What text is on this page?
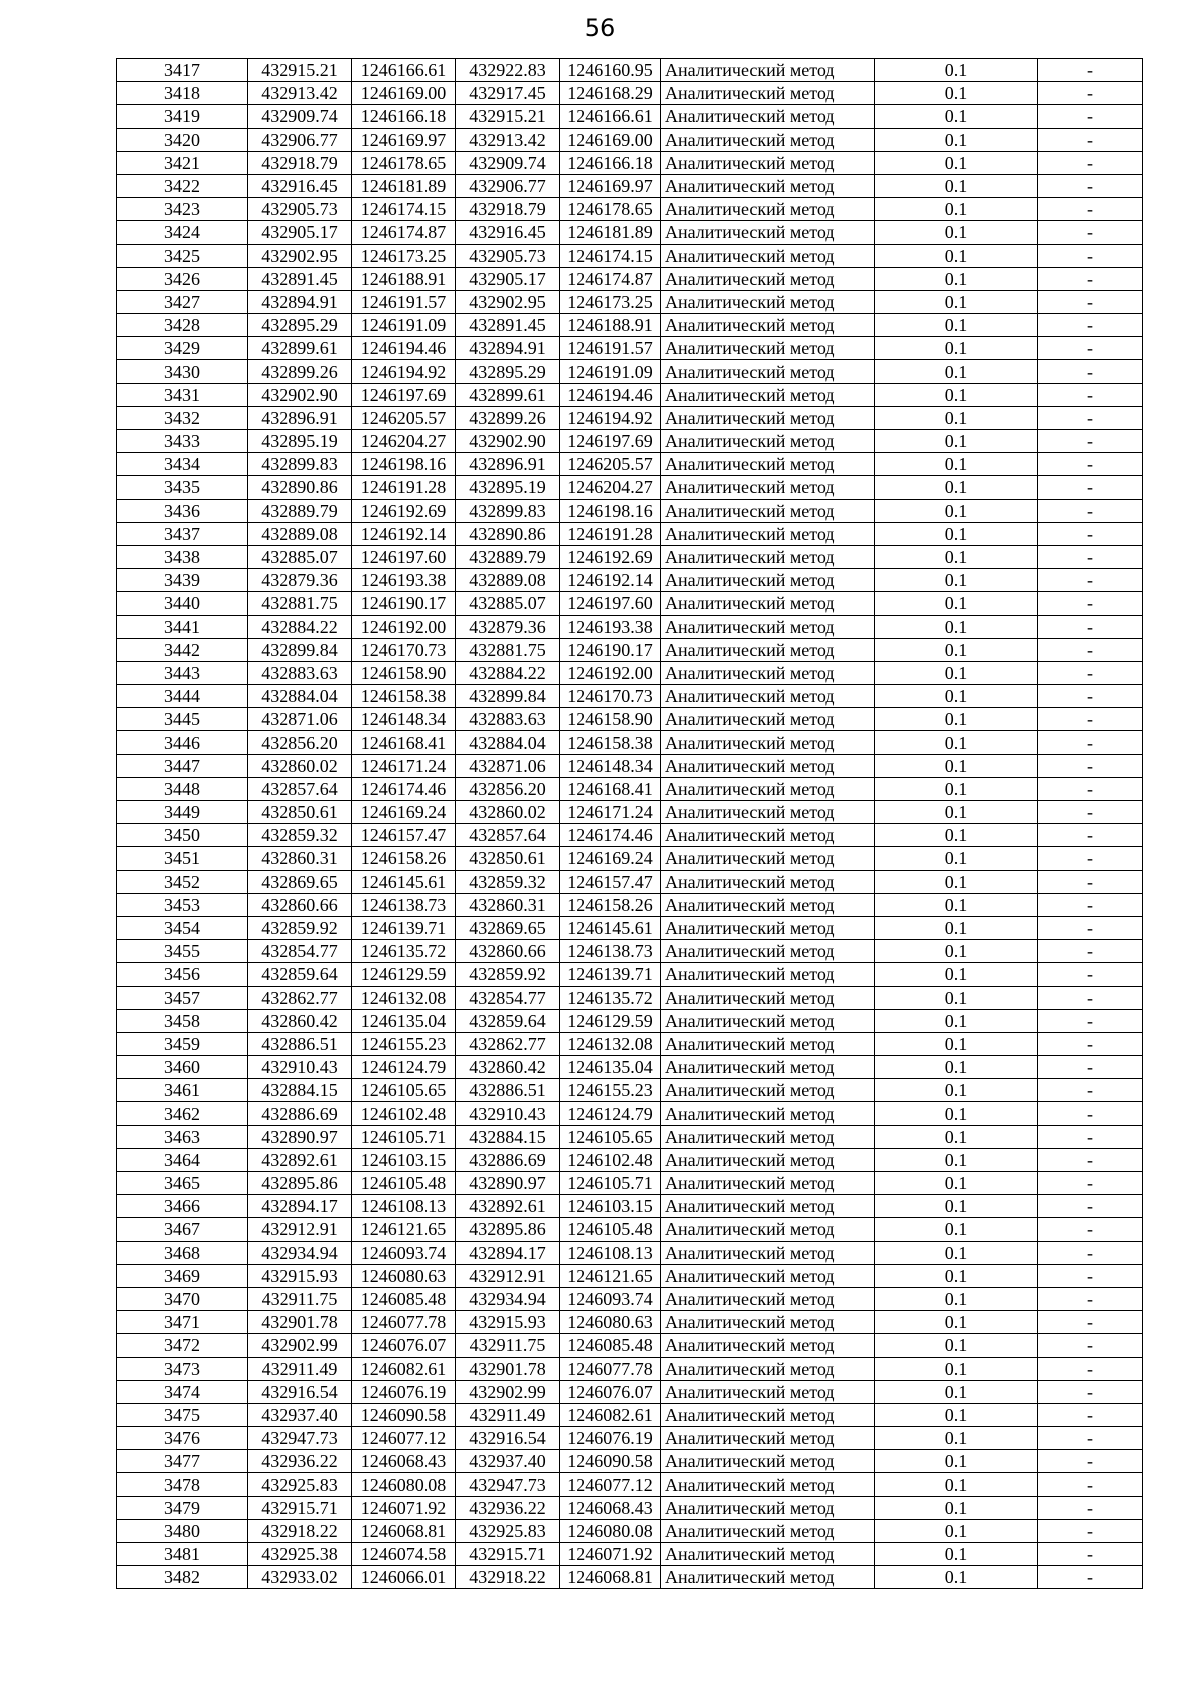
56
3417	432915.21	1246166.61	432922.83	1246160.95	Аналитический метод	0.1	-
3418	432913.42	1246169.00	432917.45	1246168.29	Аналитический метод	0.1	-
3419	432909.74	1246166.18	432915.21	1246166.61	Аналитический метод	0.1	-
3420	432906.77	1246169.97	432913.42	1246169.00	Аналитический метод	0.1	-
3421	432918.79	1246178.65	432909.74	1246166.18	Аналитический метод	0.1	-
3422	432916.45	1246181.89	432906.77	1246169.97	Аналитический метод	0.1	-
3423	432905.73	1246174.15	432918.79	1246178.65	Аналитический метод	0.1	-
3424	432905.17	1246174.87	432916.45	1246181.89	Аналитический метод	0.1	-
3425	432902.95	1246173.25	432905.73	1246174.15	Аналитический метод	0.1	-
3426	432891.45	1246188.91	432905.17	1246174.87	Аналитический метод	0.1	-
3427	432894.91	1246191.57	432902.95	1246173.25	Аналитический метод	0.1	-
3428	432895.29	1246191.09	432891.45	1246188.91	Аналитический метод	0.1	-
3429	432899.61	1246194.46	432894.91	1246191.57	Аналитический метод	0.1	-
3430	432899.26	1246194.92	432895.29	1246191.09	Аналитический метод	0.1	-
3431	432902.90	1246197.69	432899.61	1246194.46	Аналитический метод	0.1	-
3432	432896.91	1246205.57	432899.26	1246194.92	Аналитический метод	0.1	-
3433	432895.19	1246204.27	432902.90	1246197.69	Аналитический метод	0.1	-
3434	432899.83	1246198.16	432896.91	1246205.57	Аналитический метод	0.1	-
3435	432890.86	1246191.28	432895.19	1246204.27	Аналитический метод	0.1	-
3436	432889.79	1246192.69	432899.83	1246198.16	Аналитический метод	0.1	-
3437	432889.08	1246192.14	432890.86	1246191.28	Аналитический метод	0.1	-
3438	432885.07	1246197.60	432889.79	1246192.69	Аналитический метод	0.1	-
3439	432879.36	1246193.38	432889.08	1246192.14	Аналитический метод	0.1	-
3440	432881.75	1246190.17	432885.07	1246197.60	Аналитический метод	0.1	-
3441	432884.22	1246192.00	432879.36	1246193.38	Аналитический метод	0.1	-
3442	432899.84	1246170.73	432881.75	1246190.17	Аналитический метод	0.1	-
3443	432883.63	1246158.90	432884.22	1246192.00	Аналитический метод	0.1	-
3444	432884.04	1246158.38	432899.84	1246170.73	Аналитический метод	0.1	-
3445	432871.06	1246148.34	432883.63	1246158.90	Аналитический метод	0.1	-
3446	432856.20	1246168.41	432884.04	1246158.38	Аналитический метод	0.1	-
3447	432860.02	1246171.24	432871.06	1246148.34	Аналитический метод	0.1	-
3448	432857.64	1246174.46	432856.20	1246168.41	Аналитический метод	0.1	-
3449	432850.61	1246169.24	432860.02	1246171.24	Аналитический метод	0.1	-
3450	432859.32	1246157.47	432857.64	1246174.46	Аналитический метод	0.1	-
3451	432860.31	1246158.26	432850.61	1246169.24	Аналитический метод	0.1	-
3452	432869.65	1246145.61	432859.32	1246157.47	Аналитический метод	0.1	-
3453	432860.66	1246138.73	432860.31	1246158.26	Аналитический метод	0.1	-
3454	432859.92	1246139.71	432869.65	1246145.61	Аналитический метод	0.1	-
3455	432854.77	1246135.72	432860.66	1246138.73	Аналитический метод	0.1	-
3456	432859.64	1246129.59	432859.92	1246139.71	Аналитический метод	0.1	-
3457	432862.77	1246132.08	432854.77	1246135.72	Аналитический метод	0.1	-
3458	432860.42	1246135.04	432859.64	1246129.59	Аналитический метод	0.1	-
3459	432886.51	1246155.23	432862.77	1246132.08	Аналитический метод	0.1	-
3460	432910.43	1246124.79	432860.42	1246135.04	Аналитический метод	0.1	-
3461	432884.15	1246105.65	432886.51	1246155.23	Аналитический метод	0.1	-
3462	432886.69	1246102.48	432910.43	1246124.79	Аналитический метод	0.1	-
3463	432890.97	1246105.71	432884.15	1246105.65	Аналитический метод	0.1	-
3464	432892.61	1246103.15	432886.69	1246102.48	Аналитический метод	0.1	-
3465	432895.86	1246105.48	432890.97	1246105.71	Аналитический метод	0.1	-
3466	432894.17	1246108.13	432892.61	1246103.15	Аналитический метод	0.1	-
3467	432912.91	1246121.65	432895.86	1246105.48	Аналитический метод	0.1	-
3468	432934.94	1246093.74	432894.17	1246108.13	Аналитический метод	0.1	-
3469	432915.93	1246080.63	432912.91	1246121.65	Аналитический метод	0.1	-
3470	432911.75	1246085.48	432934.94	1246093.74	Аналитический метод	0.1	-
3471	432901.78	1246077.78	432915.93	1246080.63	Аналитический метод	0.1	-
3472	432902.99	1246076.07	432911.75	1246085.48	Аналитический метод	0.1	-
3473	432911.49	1246082.61	432901.78	1246077.78	Аналитический метод	0.1	-
3474	432916.54	1246076.19	432902.99	1246076.07	Аналитический метод	0.1	-
3475	432937.40	1246090.58	432911.49	1246082.61	Аналитический метод	0.1	-
3476	432947.73	1246077.12	432916.54	1246076.19	Аналитический метод	0.1	-
3477	432936.22	1246068.43	432937.40	1246090.58	Аналитический метод	0.1	-
3478	432925.83	1246080.08	432947.73	1246077.12	Аналитический метод	0.1	-
3479	432915.71	1246071.92	432936.22	1246068.43	Аналитический метод	0.1	-
3480	432918.22	1246068.81	432925.83	1246080.08	Аналитический метод	0.1	-
3481	432925.38	1246074.58	432915.71	1246071.92	Аналитический метод	0.1	-
3482	432933.02	1246066.01	432918.22	1246068.81	Аналитический метод	0.1	-
